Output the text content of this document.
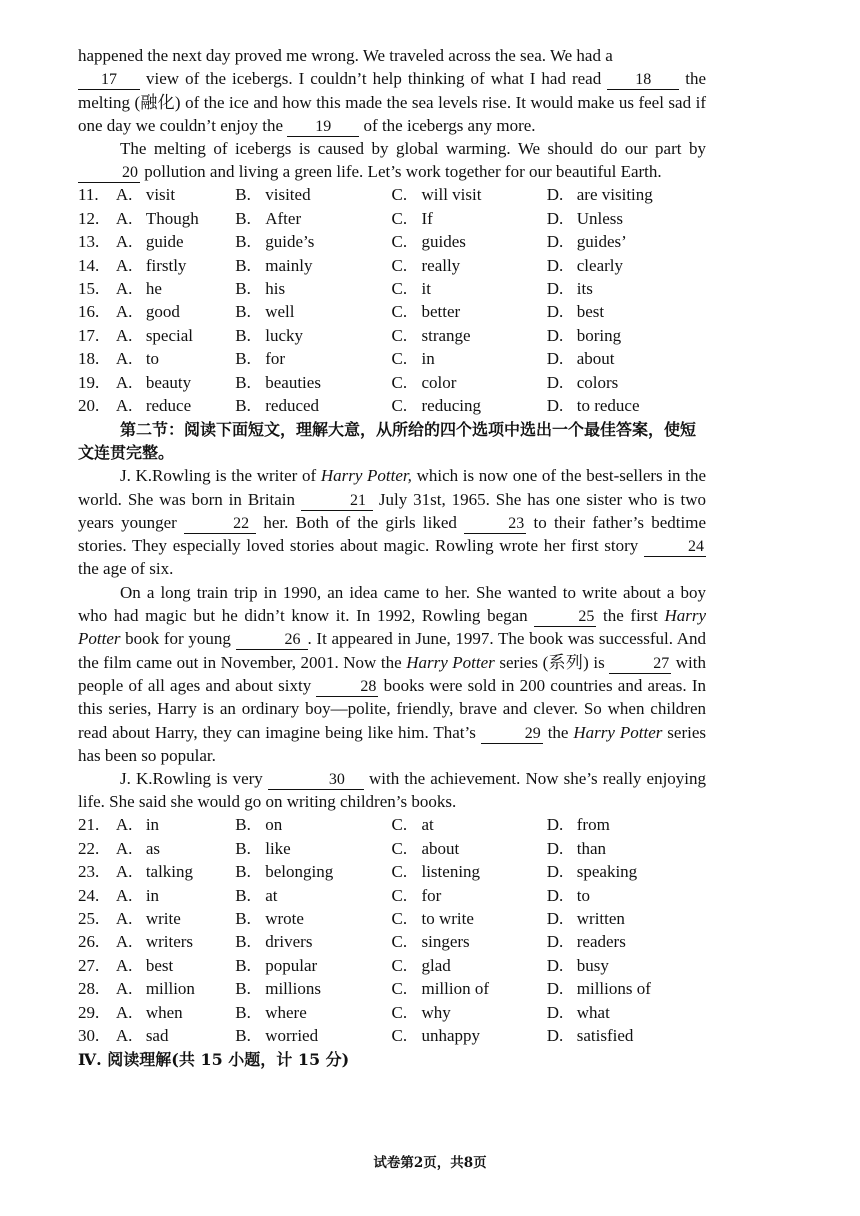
happened the next day proved me wrong. We traveled across the sea. We had a
17 view of the icebergs. I couldn’t help thinking of what I had read 18 the melting (融化) of the ice and how this made the sea levels rise. It would make us feel sad if one day we couldn’t enjoy the 19 of the icebergs any more.

The melting of icebergs is caused by global warming. We should do our part by 20 pollution and living a green life. Let’s work together for our beautiful Earth.

11.	A. visit	B. visited	C. will visit	D. are visiting
12. A. Though B. After	C. If	D. Unless
13. A. guide	B. guide’s	C. guides	D. guides’
14. A. firstly	B. mainly	C. really	D. clearly
15. A. he	B. his	C. it	D. its
16. A. good	B. well	C. better	D. best
17. A. special B. lucky	C. strange	D. boring
18. A. to	B. for	C. in	D. about
19. A. beauty	B. beauties	C. color	D. colors
20. A. reduce	B. reduced	C. reducing	D. to reduce

第二节：阅读下面短文，理解大意，从所给的四个选项中选出一个最佳答案，使短文连贯完整。

J. K.Rowling is the writer of Harry Potter, which is now one of the best-sellers in the world. She was born in Britain	21 July 31st, 1965. She has one sister who is two years younger	22 her. Both of the girls liked	23 to their father’s bedtime stories. They especially loved stories about magic. Rowling wrote her first story	24 the age of six.

On a long train trip in 1990, an idea came to her. She wanted to write about a boy who had magic but he didn’t know it. In 1992, Rowling began	25 the first Harry Potter book for young	26 . It appeared in June, 1997. The book was successful. And the film came out in November, 2001. Now the Harry Potter series (系列) is	27 with people of all ages and about sixty	28 books were sold in 200 countries and areas. In this series, Harry is an ordinary boy—polite, friendly, brave and clever. So when children read about Harry, they can imagine being like him. That’s	29 the Harry Potter series has been so popular.

J. K.Rowling is very	30 with the achievement. Now she’s really enjoying life. She said she would go on writing children’s books.

21. A. in	B. on	C. at	D. from
22. A. as	B. like	C. about	D. than
23. A. talking B. belonging	C. listening	D. speaking
24. A. in	B. at	C. for	D. to
25. A. write	B. wrote	C. to write	D. written
26. A. writers B. drivers	C. singers	D. readers
27. A. best	B. popular	C. glad	D. busy
28. A. million B. millions	C. million of	D. millions of
29. A. when	B. where	C. why	D. what
30. A. sad	B. worried	C. unhappy	D. satisfied

Ⅳ. 阅读理解(共 15 小题，计 15 分)

试卷第2页，共8页
